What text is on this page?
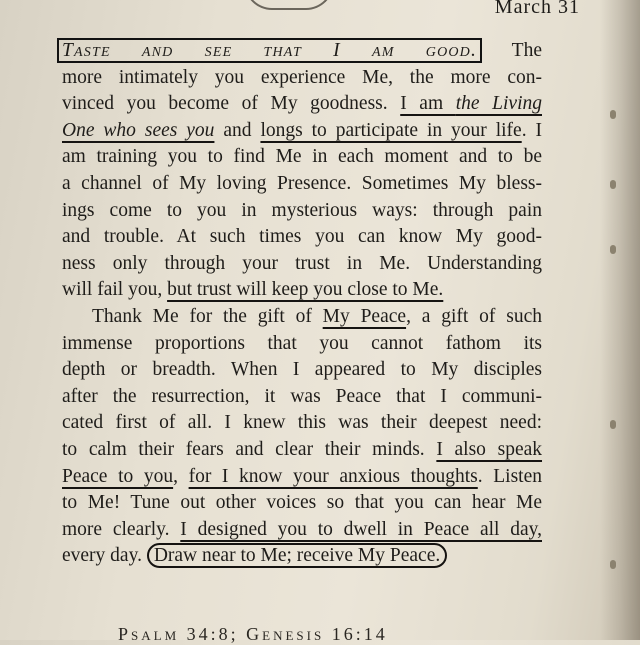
March 31
Taste and see that I am good. The
more intimately you experience Me, the more con-
vinced you become of My goodness. I am the Living
One who sees you and longs to participate in your life. I
am training you to find Me in each moment and to be
a channel of My loving Presence. Sometimes My bless-
ings come to you in mysterious ways: through pain
and trouble. At such times you can know My good-
ness only through your trust in Me. Understanding
will fail you, but trust will keep you close to Me.
Thank Me for the gift of My Peace, a gift of such
immense proportions that you cannot fathom its
depth or breadth. When I appeared to My disciples
after the resurrection, it was Peace that I communi-
cated first of all. I knew this was their deepest need:
to calm their fears and clear their minds. I also speak
Peace to you, for I know your anxious thoughts. Listen
to Me! Tune out other voices so that you can hear Me
more clearly. I designed you to dwell in Peace all day,
every day. Draw near to Me; receive My Peace.
Psalm 34:8; Genesis 16:14
